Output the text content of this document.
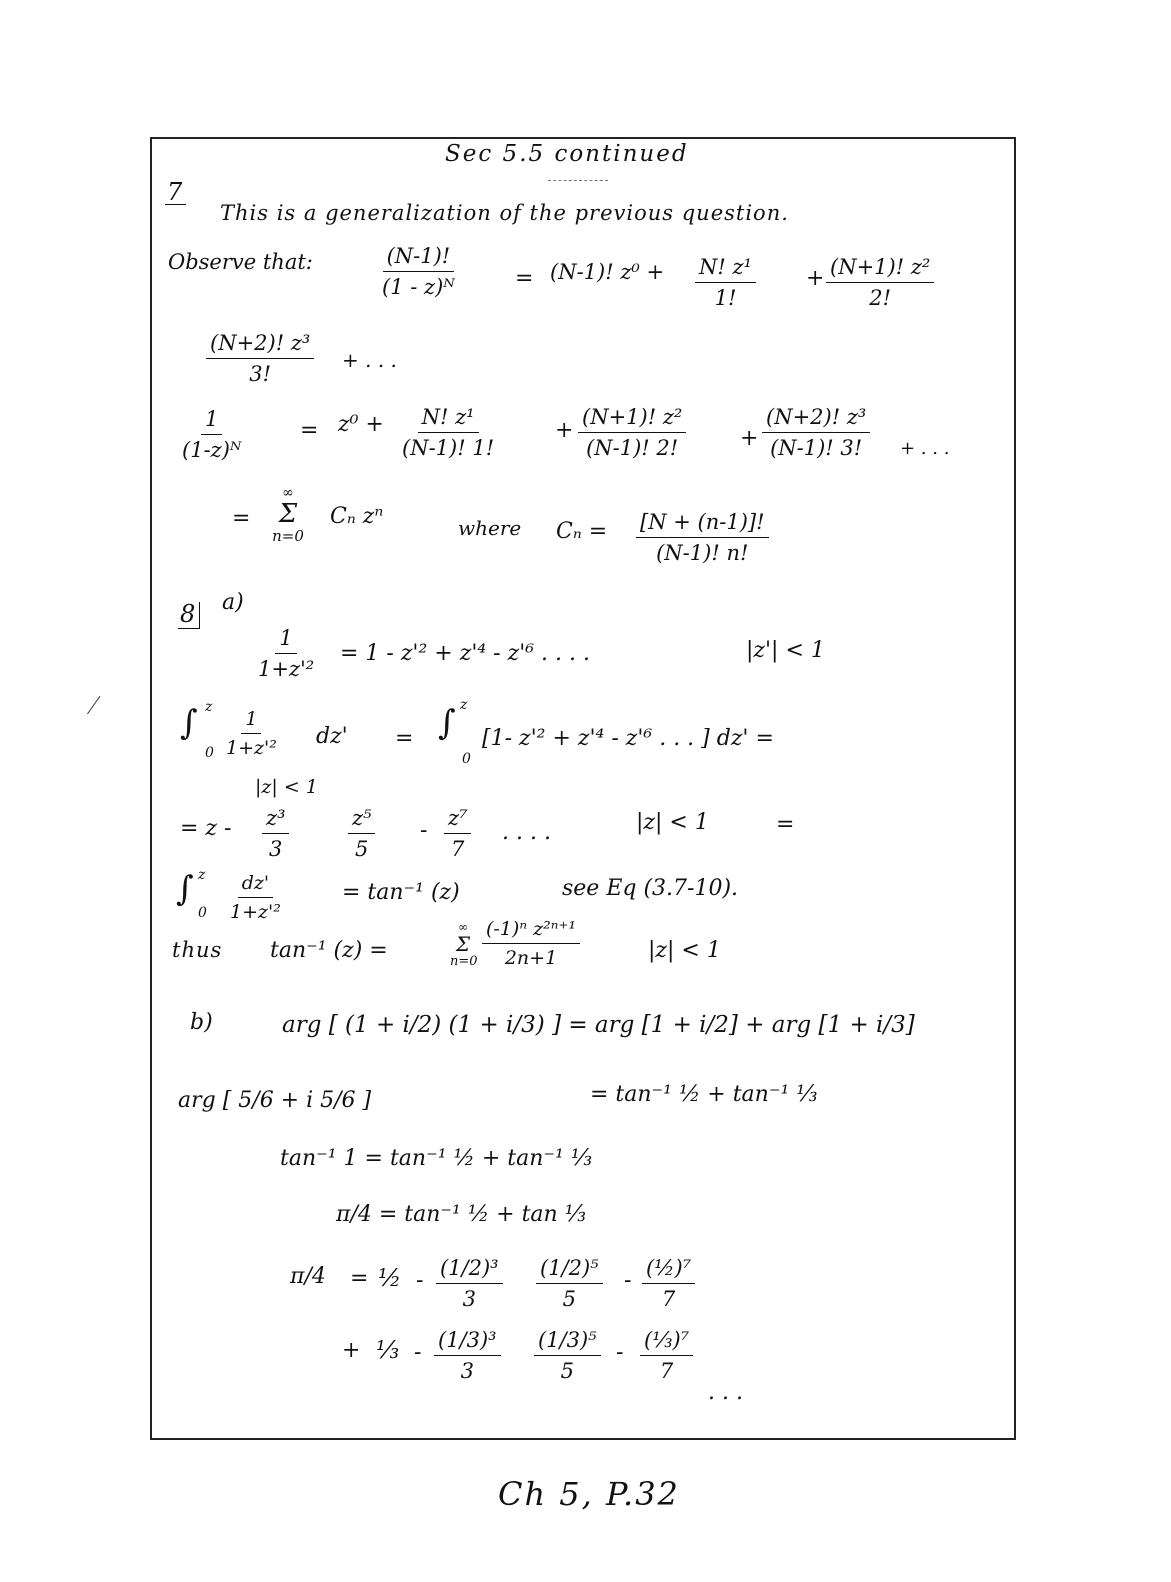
Sec 5.5 continued
7
This is a generalization of the previous question.
Observe that:	$\frac{(N-1)!}{\text{(1 - z)ᴺ}}$	= (N-1)! $z^0 + \frac{\text{N! z¹}}{1!} + \frac{\text{(N+1)! z²}}{2!}$
$\frac{\text{(N+2)! z³}}{3!}$ + . . .
$\frac{1}{\text{(1-z)ᴺ}} = z^0 + \frac{\text{N! z¹}}{(N-1)! 1!}$	+ $\frac{\text{(N+1)! z²}}{(N-1)! 2!} + \frac{\text{(N+2)! z³}}{(N-1)! 3!}$ + . . .
=
∞
Σ
n=0
Cₙ zⁿ	where $C_n = \frac{[N + (n-1)]!}{(N-1)! n!}$
8 a)
$\frac{1}{\text{1+z'²}} = 1 - z'^2 + z'^4 - z'^6$ . . . .	|z'| < 1
∫ z
$0 \frac{1}{\text{1+z'²}} dz'$ = ∫ z
0
[1- z'² + z'⁴ - z'⁶ . . . ] dz' =
|z| < 1
= z - $\frac{\text{z³}}{3}$	$\frac{\text{z⁵}}{5} - \frac{\text{z⁷}}{7}$ . . . .	|z| < 1	=
∫ z
$0 \frac{dz'}{\text{1+z'²}}$	= tan⁻¹ (z)	see Eq (3.7-10).
thus tan⁻¹ (z) =
∞
Σ
$n=0 \frac{\text{(-1)ⁿ z²ⁿ⁺¹}}{2n+1}$	|z| < 1
b)	arg [ (1 + i/2) (1 + i/3) ] = arg [1 + i/2] + arg [1 + i/3]
arg [ 5/6 + i 5/6 ]	= tan⁻¹ ½ + tan⁻¹ ⅓
tan⁻¹ 1 = tan⁻¹ ½ + tan⁻¹ ⅓
π/4 = tan⁻¹ ½ + tan ⅓
π/4 = ½ - $\frac{\text{(1/2)³}}{3} \frac{\text{(1/2)⁵}}{5}$ - (½)⁷
7
+ ⅓ - $\frac{\text{(1/3)³}}{3} \frac{\text{(1/3)⁵}}{5}$ - (⅓)⁷
7
. . .
Ch 5, P.32
